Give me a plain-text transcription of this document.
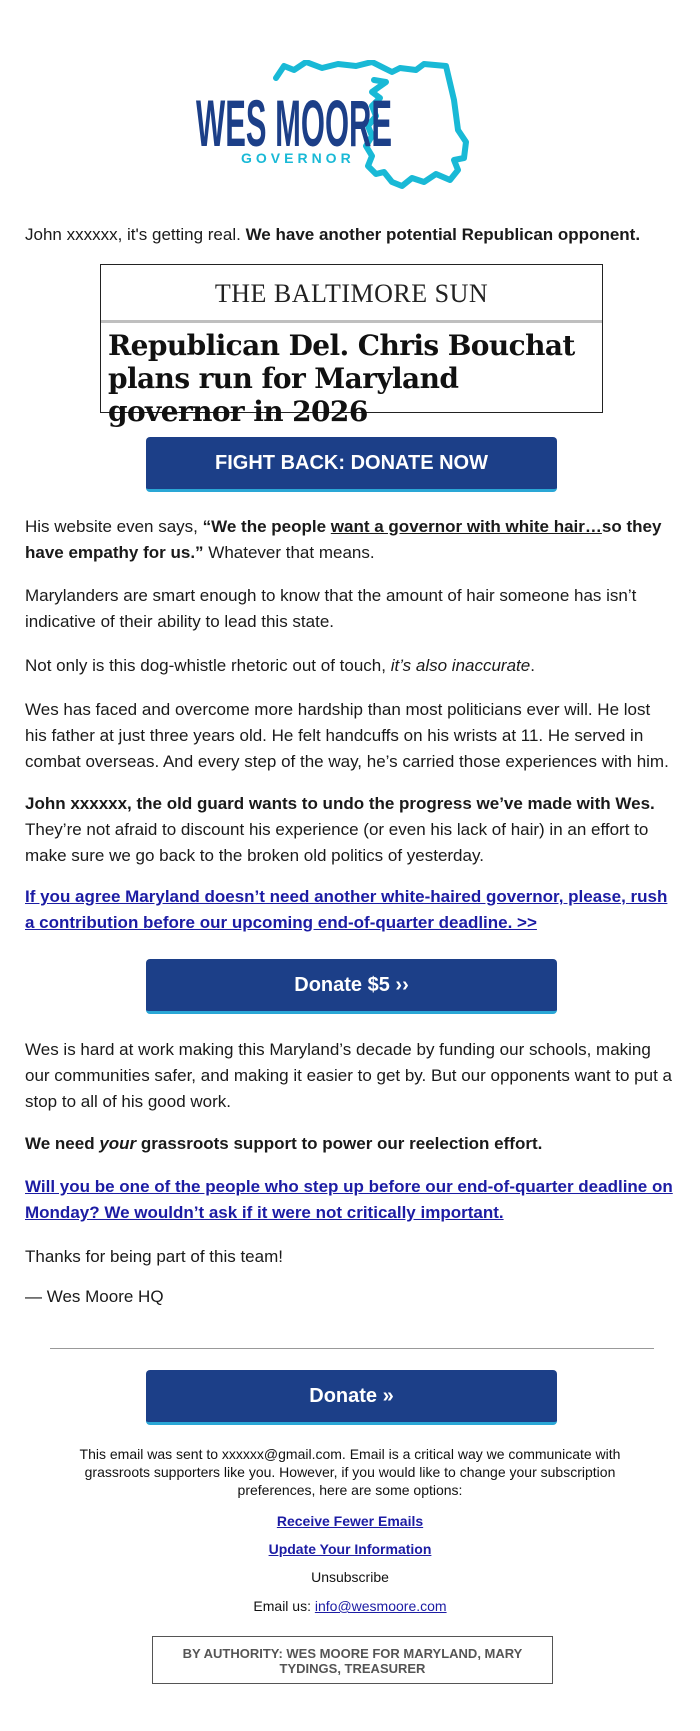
WES MOORE
GOVERNOR

John xxxxxx, it's getting real. We have another potential Republican opponent.

THE BALTIMORE SUN

Republican Del. Chris Bouchat plans run for Maryland governor in 2026

FIGHT BACK: DONATE NOW

His website even says, “We the people want a governor with white hair…so they have empathy for us.” Whatever that means.

Marylanders are smart enough to know that the amount of hair someone has isn’t indicative of their ability to lead this state.

Not only is this dog-whistle rhetoric out of touch, it’s also inaccurate.

Wes has faced and overcome more hardship than most politicians ever will. He lost his father at just three years old. He felt handcuffs on his wrists at 11. He served in combat overseas. And every step of the way, he’s carried those experiences with him.

John xxxxxx, the old guard wants to undo the progress we’ve made with Wes. They’re not afraid to discount his experience (or even his lack of hair) in an effort to make sure we go back to the broken old politics of yesterday.

If you agree Maryland doesn’t need another white-haired governor, please, rush a contribution before our upcoming end-of-quarter deadline. >>

Donate $5 ››

Wes is hard at work making this Maryland’s decade by funding our schools, making our communities safer, and making it easier to get by. But our opponents want to put a stop to all of his good work.

We need your grassroots support to power our reelection effort.

Will you be one of the people who step up before our end-of-quarter deadline on Monday? We wouldn’t ask if it were not critically important.

Thanks for being part of this team!

— Wes Moore HQ

Donate »

This email was sent to xxxxxx@gmail.com. Email is a critical way we communicate with grassroots supporters like you. However, if you would like to change your subscription preferences, here are some options:

Receive Fewer Emails

Update Your Information

Unsubscribe

Email us: info@wesmoore.com

BY AUTHORITY: WES MOORE FOR MARYLAND, MARY TYDINGS, TREASURER
